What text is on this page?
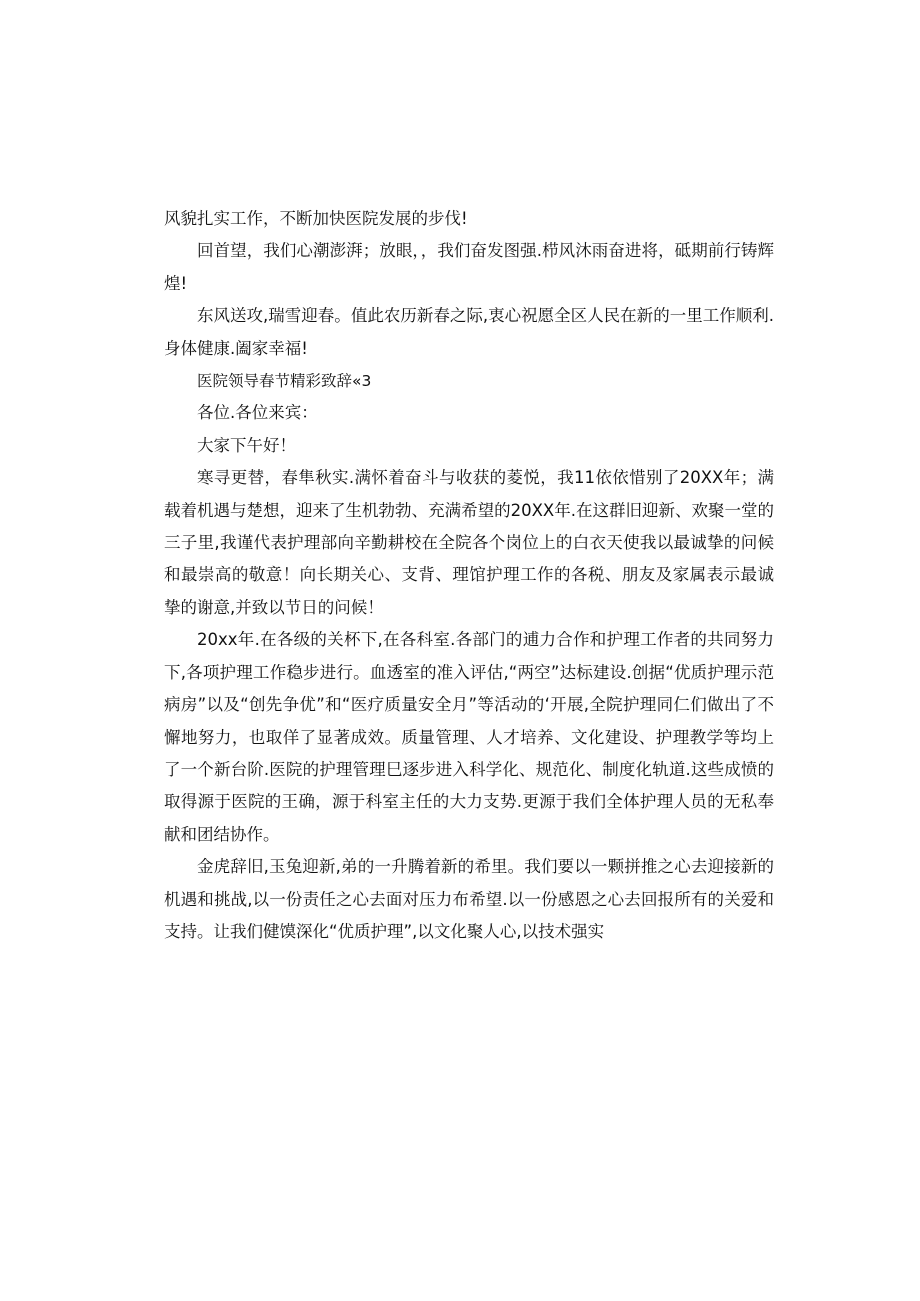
风貌扎实工作，不断加快医院发展的步伐!

回首望，我们心潮澎湃；放眼，，我们奋发图强.栉风沐雨奋进将，砥期前行铸辉煌!

东风送攻,瑞雪迎春。值此农历新春之际,衷心祝愿全区人民在新的一里工作顺利.身体健康.阖家幸福!

医院领导春节精彩致辞«3

各位.各位来宾：

大家下午好！

寒寻更替，春隼秋实.满怀着奋斗与收获的菱悦，我11依依惜别了20XX年；满载着机遇与楚想，迎来了生机勃勃、充满希望的20XX年.在这群旧迎新、欢聚一堂的三子里,我谨代表护理部向辛勤耕校在全院各个岗位上的白衣天使我以最诚挚的问候和最崇高的敬意！向长期关心、支背、理馆护理工作的各税、朋友及家属表示最诚挚的谢意,并致以节日的问候！

20xx年.在各级的关杯下,在各科室.各部门的逋力合作和护理工作者的共同努力下,各项护理工作稳步进行。血透室的准入评估,“两空”达标建设.创据“优质护理示范病房”以及“创先争优”和“医疗质量安全月”等活动的‘开展,全院护理同仁们做出了不懈地努力，也取佯了显著成效。质量管理、人才培养、文化建设、护理教学等均上了一个新台阶.医院的护理管理巳逐步进入科学化、规范化、制度化轨道.这些成愤的取得源于医院的王确，源于科室主任的大力支势.更源于我们全体护理人员的无私奉献和团结协作。

金虎辞旧,玉兔迎新,弟的一升腾着新的希里。我们要以一颗拼推之心去迎接新的机遇和挑战,以一份责任之心去面对压力布希望.以一份感恩之心去回报所有的关爱和支持。让我们健馍深化“优质护理”,以文化聚人心,以技术强实
